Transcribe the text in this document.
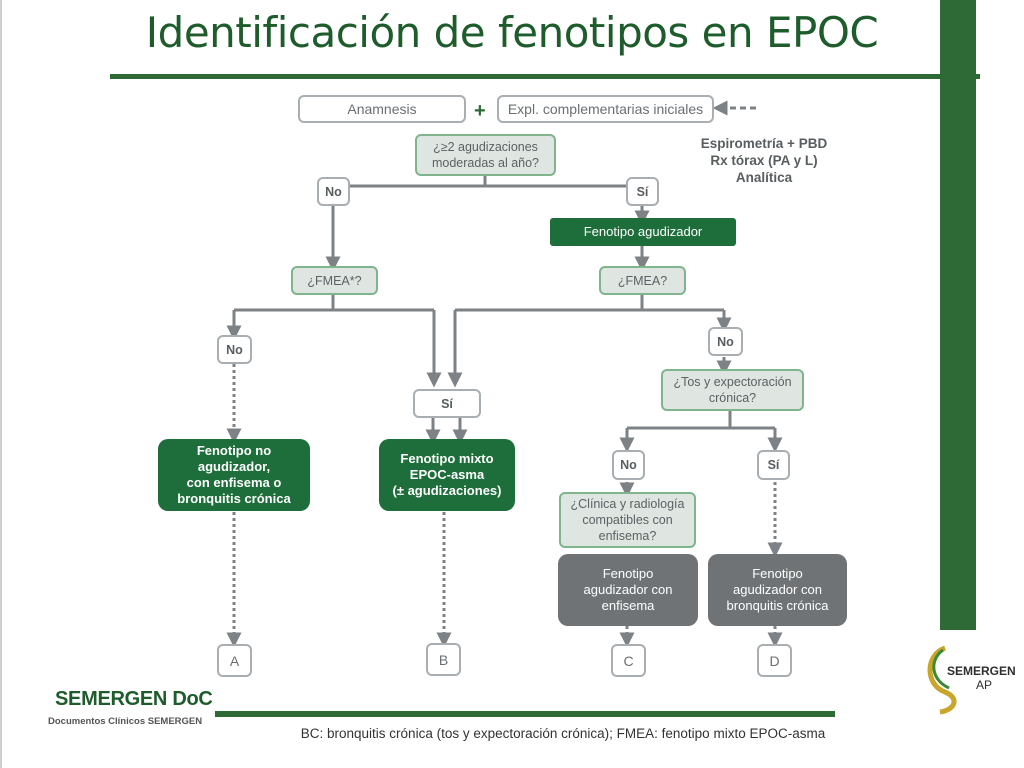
Identificación de fenotipos en EPOC
Anamnesis	+	Expl. complementarias iniciales
Espirometría + PBD
Rx tórax (PA y L)
Analítica
¿≥2 agudizaciones
moderadas al año?
No	Sí
Fenotipo agudizador
¿FMEA*?	¿FMEA?
No
Sí
No
¿Tos y expectoración
crónica?
No	Sí
¿Clínica y radiología
compatibles con
enfisema?
Fenotipo no
agudizador,
con enfisema o
bronquitis crónica
Fenotipo mixto
EPOC-asma
(± agudizaciones)
Fenotipo
agudizador con
enfisema
Fenotipo
agudizador con
bronquitis crónica
A	B	C	D
SEMERGEN DoC
Documentos Clínicos SEMERGEN
BC: bronquitis crónica (tos y expectoración crónica); FMEA: fenotipo mixto EPOC-asma
SEMERGEN
AP
